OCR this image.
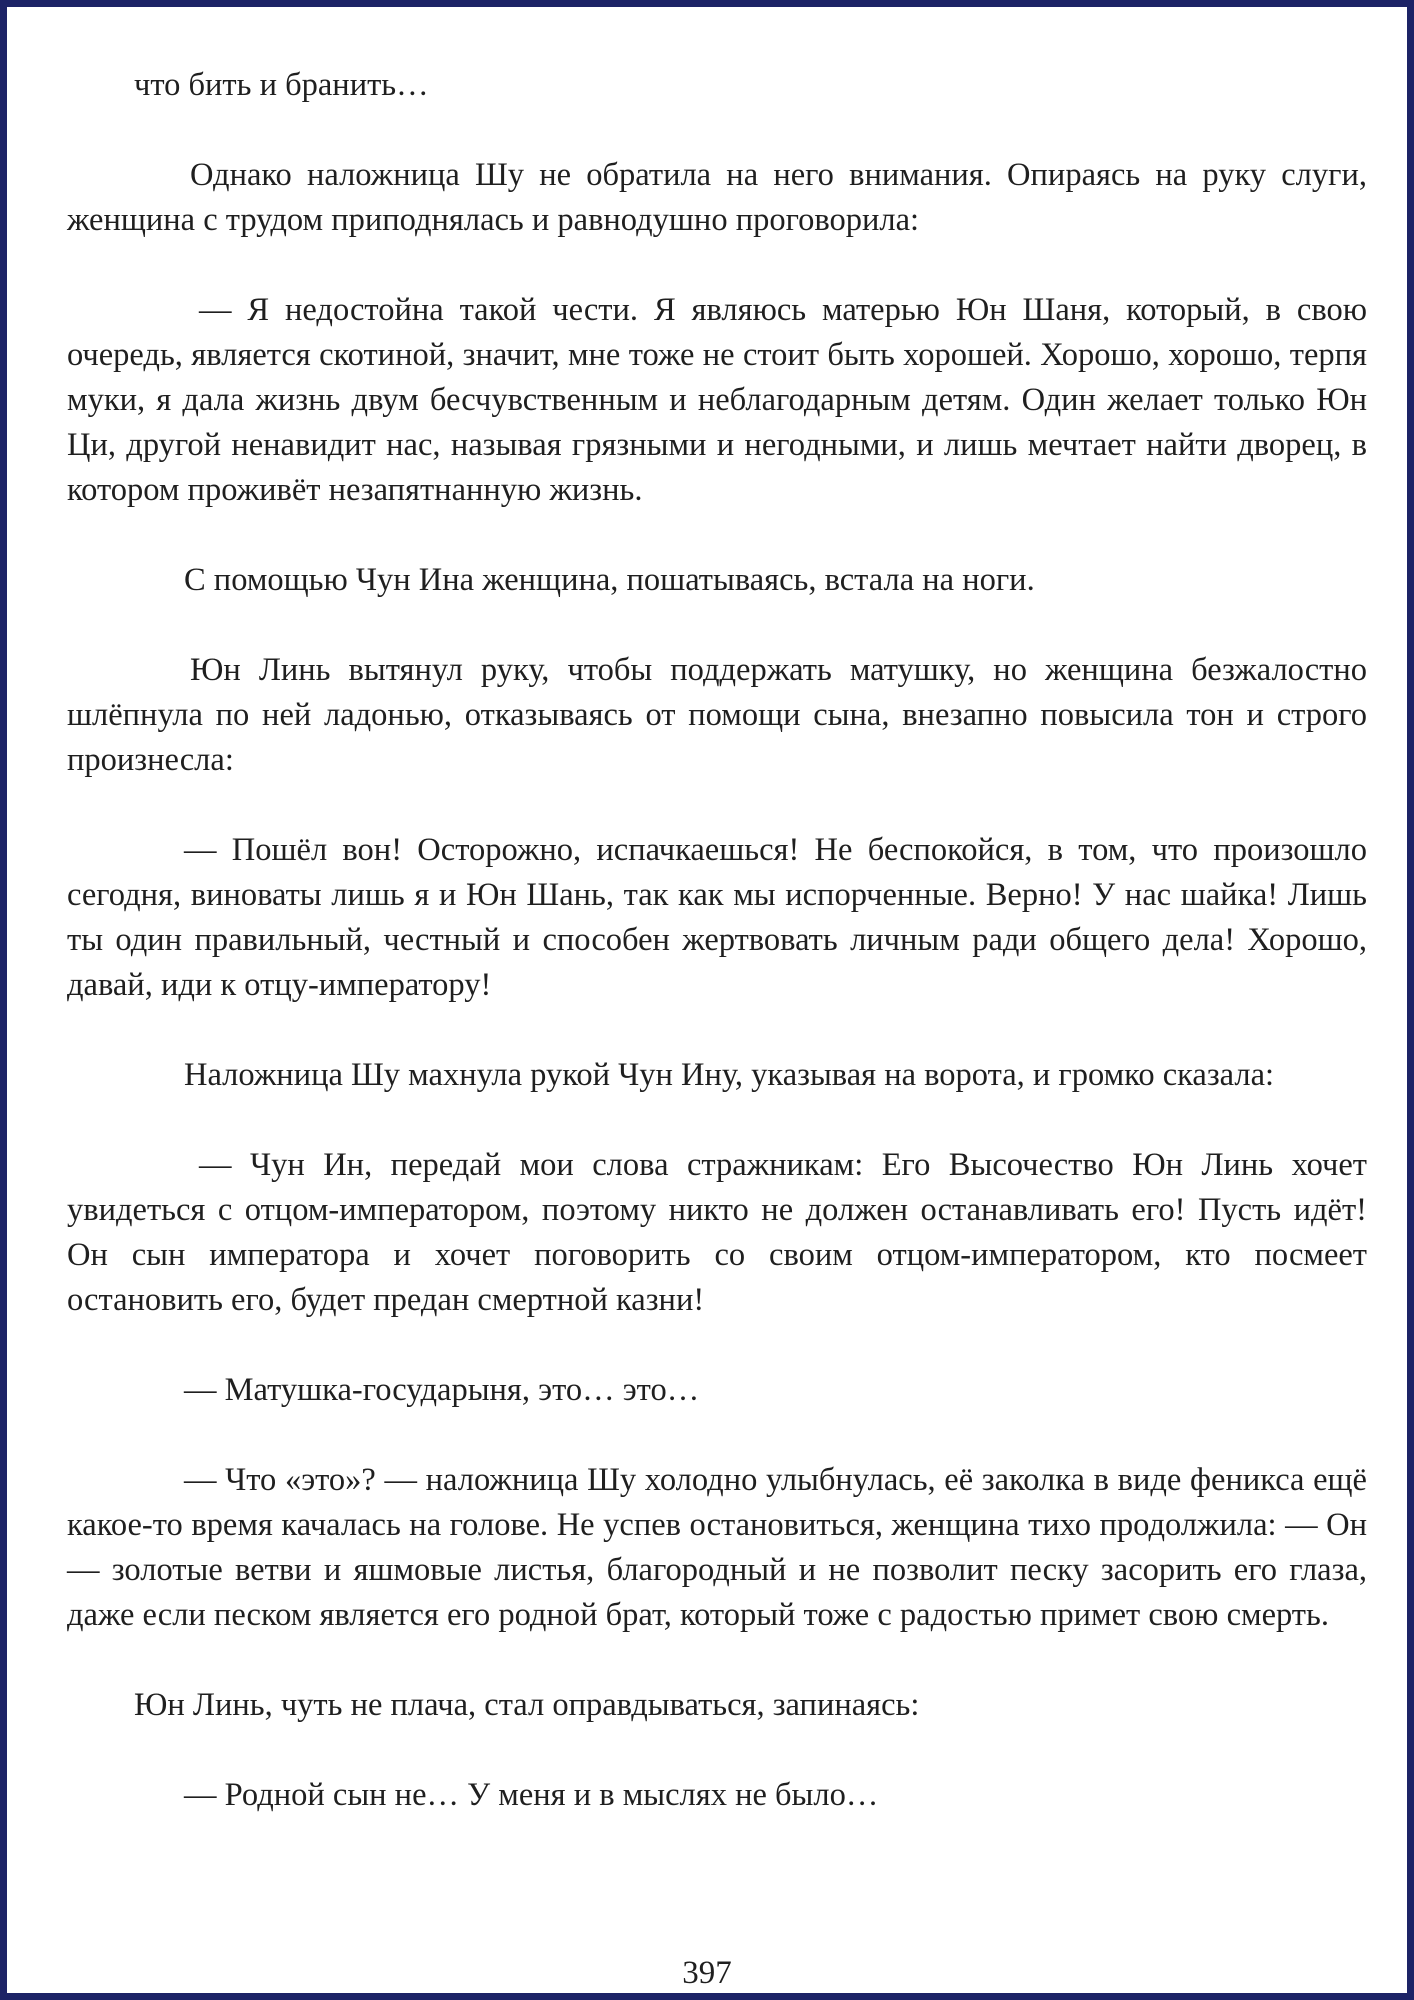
что бить и бранить…

Однако наложница Шу не обратила на него внимания. Опираясь на руку слуги, женщина с трудом приподнялась и равнодушно проговорила:

— Я недостойна такой чести. Я являюсь матерью Юн Шаня, который, в свою очередь, является скотиной, значит, мне тоже не стоит быть хорошей. Хорошо, хорошо, терпя муки, я дала жизнь двум бесчувственным и неблагодарным детям. Один желает только Юн Ци, другой ненавидит нас, называя грязными и негодными, и лишь мечтает найти дворец, в котором проживёт незапятнанную жизнь.

С помощью Чун Ина женщина, пошатываясь, встала на ноги.

Юн Линь вытянул руку, чтобы поддержать матушку, но женщина безжалостно шлёпнула по ней ладонью, отказываясь от помощи сына, внезапно повысила тон и строго произнесла:

— Пошёл вон! Осторожно, испачкаешься! Не беспокойся, в том, что произошло сегодня, виноваты лишь я и Юн Шань, так как мы испорченные. Верно! У нас шайка! Лишь ты один правильный, честный и способен жертвовать личным ради общего дела! Хорошо, давай, иди к отцу-императору!

Наложница Шу махнула рукой Чун Ину, указывая на ворота, и громко сказала:

— Чун Ин, передай мои слова стражникам: Его Высочество Юн Линь хочет увидеться с отцом-императором, поэтому никто не должен останавливать его! Пусть идёт! Он сын императора и хочет поговорить со своим отцом-императором, кто посмеет остановить его, будет предан смертной казни!

— Матушка-государыня, это… это…

— Что «это»? — наложница Шу холодно улыбнулась, её заколка в виде феникса ещё какое-то время качалась на голове. Не успев остановиться, женщина тихо продолжила: — Он — золотые ветви и яшмовые листья, благородный и не позволит песку засорить его глаза, даже если песком является его родной брат, который тоже с радостью примет свою смерть.

Юн Линь, чуть не плача, стал оправдываться, запинаясь:

— Родной сын не… У меня и в мыслях не было…

397
